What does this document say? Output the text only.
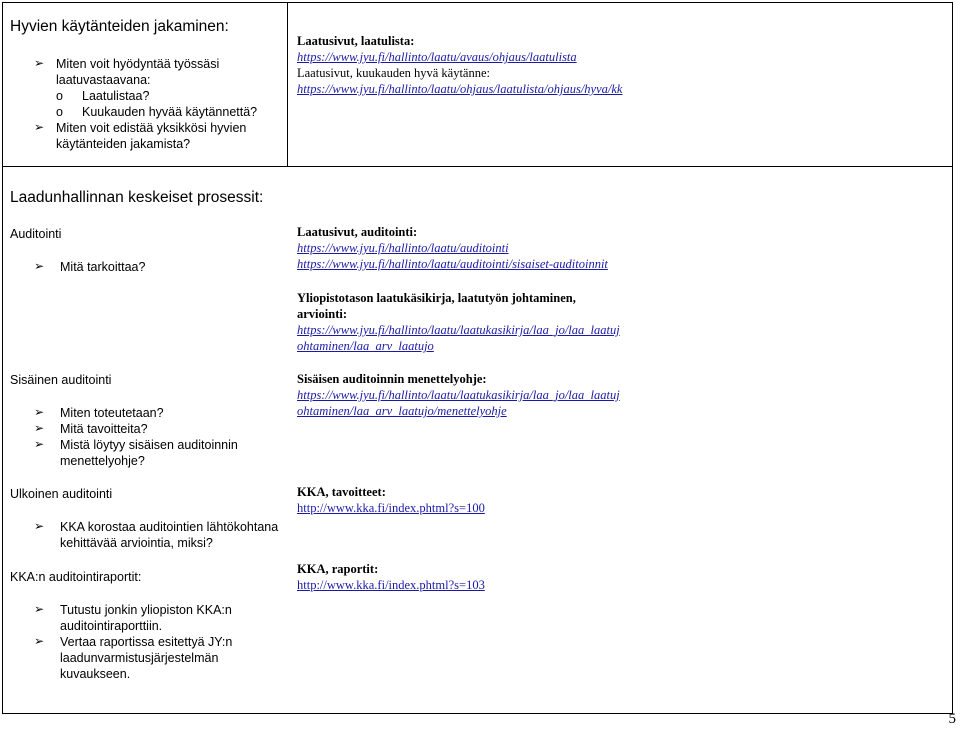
Hyvien käytänteiden jakaminen:
➢ Miten voit hyödyntää työssäsi
laatuvastaavana:
o Laatulistaa?
o Kuukauden hyvää käytännettä?
➢ Miten voit edistää yksikkösi hyvien
käytänteiden jakamista?
Laatusivut, laatulista:
https://www.jyu.fi/hallinto/laatu/avaus/ohjaus/laatulista
Laatusivut, kuukauden hyvä käytänne:
https://www.jyu.fi/hallinto/laatu/ohjaus/laatulista/ohjaus/hyva/kk
Laadunhallinnan keskeiset prosessit:
Auditointi
➢ Mitä tarkoittaa?
Sisäinen auditointi
➢ Miten toteutetaan?
➢ Mitä tavoitteita?
➢ Mistä löytyy sisäisen auditoinnin
menettelyohje?
Ulkoinen auditointi
➢ KKA korostaa auditointien lähtökohtana
kehittävää arviointia, miksi?
KKA:n auditointiraportit:
➢ Tutustu jonkin yliopiston KKA:n
auditointiraporttiin.
➢ Vertaa raportissa esitettyä JY:n
laadunvarmistusjärjestelmän
kuvaukseen.
Laatusivut, auditointi:
https://www.jyu.fi/hallinto/laatu/auditointi
https://www.jyu.fi/hallinto/laatu/auditointi/sisaiset-auditoinnit
Yliopistotason laatukäsikirja, laatutyön johtaminen,
arviointi:
https://www.jyu.fi/hallinto/laatu/laatukasikirja/laa_jo/laa_laatuj
ohtaminen/laa_arv_laatujo
Sisäisen auditoinnin menettelyohje:
https://www.jyu.fi/hallinto/laatu/laatukasikirja/laa_jo/laa_laatuj
ohtaminen/laa_arv_laatujo/menettelyohje
KKA, tavoitteet:
http://www.kka.fi/index.phtml?s=100
KKA, raportit:
http://www.kka.fi/index.phtml?s=103
5
